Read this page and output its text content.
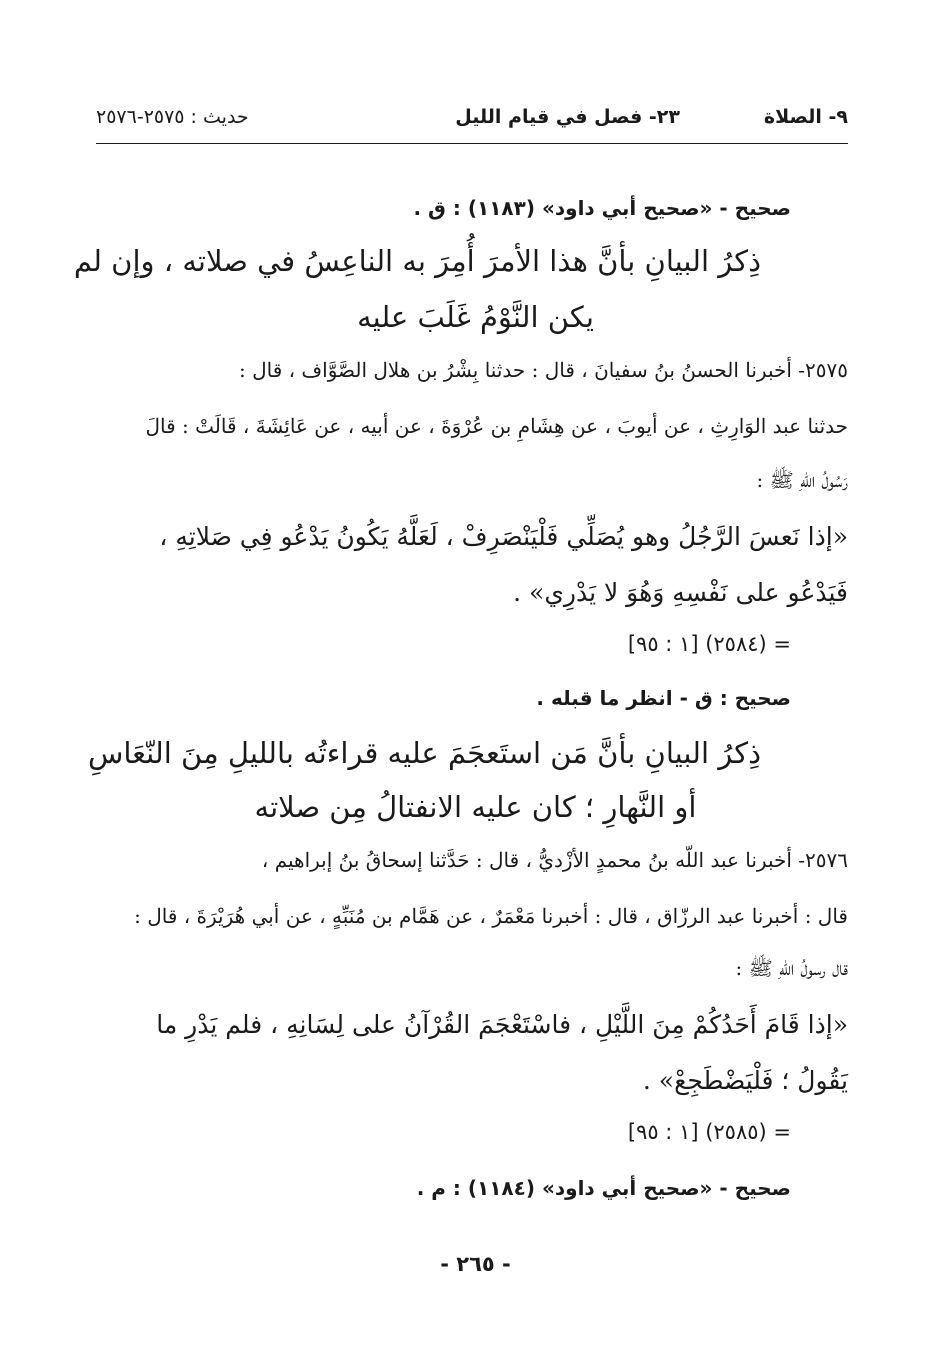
٩- الصلاة
٢٣- فصل في قيام الليل
حديث : ٢٥٧٥-٢٥٧٦
صحيح - «صحيح أبي داود» (١١٨٣) : ق .
ذِكرُ البيانِ بأنَّ هذا الأمرَ أُمِرَ به الناعِسُ في صلاته ، وإن لم
يكن النَّوْمُ غَلَبَ عليه
٢٥٧٥- أخبرنا الحسنُ بنُ سفيانَ ، قال : حدثنا بِشْرُ بن هلال الصَّوَّاف ، قال :
حدثنا عبد الوَارِثِ ، عن أيوبَ ، عن هِشَامِ بن عُرْوَةَ ، عن أبيه ، عن عَائِشَةَ ، قَالَتْ : قالَ
رَسُولُ اللّهِ ﷺ :
«إذا نَعسَ الرَّجُلُ وهو يُصَلِّي فَلْيَنْصَرِفْ ، لَعَلَّهُ يَكُونُ يَدْعُو فِي صَلاتِهِ ،
فَيَدْعُو على نَفْسِهِ وَهُوَ لا يَدْرِي» .
= (٢٥٨٤) [١ : ٩٥]
صحيح : ق - انظر ما قبله .
ذِكرُ البيانِ بأنَّ مَن استَعجَمَ عليه قراءتُه بالليلِ مِنَ النّعَاسِ
أو النَّهارِ ؛ كان عليه الانفتالُ مِن صلاته
٢٥٧٦- أخبرنا عبد اللّه بنُ محمدٍ الأزْديُّ ، قال : حَدَّثنا إسحاقُ بنُ إبراهيم ،
قال : أخبرنا عبد الرزّاق ، قال : أخبرنا مَعْمَرٌ ، عن هَمَّام بن مُنَبِّهٍ ، عن أبي هُرَيْرَةَ ، قال :
قال رسولُ اللّهِ ﷺ :
«إذا قَامَ أَحَدُكُمْ مِنَ اللَّيْلِ ، فاسْتَعْجَمَ القُرْآنُ على لِسَانِهِ ، فلم يَدْرِ ما
يَقُولُ ؛ فَلْيَضْطَجِعْ» .
= (٢٥٨٥) [١ : ٩٥]
صحيح - «صحيح أبي داود» (١١٨٤) : م .
- ٢٦٥ -
